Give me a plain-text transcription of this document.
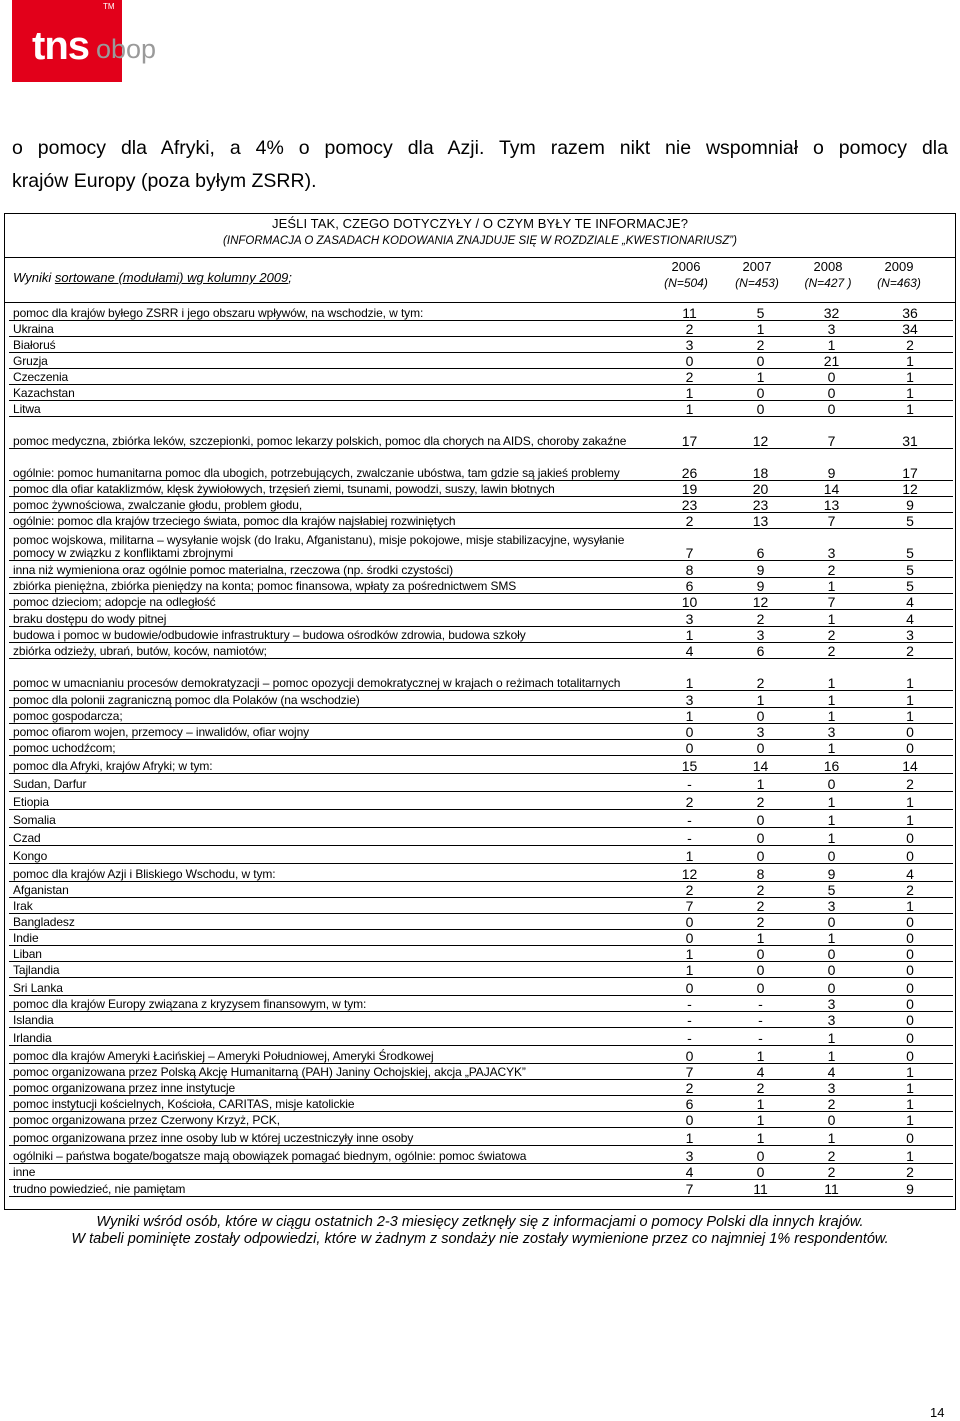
tns
TM
obop
o pomocy dla Afryki, a 4% o pomocy dla Azji. Tym razem nikt nie wspomniał o pomocy dla
krajów Europy (poza byłym ZSRR).
JEŚLI TAK, CZEGO DOTYCZYŁY / O CZYM BYŁY TE INFORMACJE?
(INFORMACJA O ZASADACH KODOWANIA ZNAJDUJE SIĘ W ROZDZIALE „KWESTIONARIUSZ”)
Wyniki sortowane (modułami) wg kolumny 2009;
2006
(N=504)
2007
(N=453)
2008
(N=427 )
2009
(N=463)
pomoc dla krajów byłego ZSRR i jego obszaru wpływów, na wschodzie, w tym:	11	5	32	36
Ukraina	2	1	3	34
Białoruś	3	2	1	2
Gruzja	0	0	21	1
Czeczenia	2	1	0	1
Kazachstan	1	0	0	1
Litwa	1	0	0	1
pomoc medyczna, zbiórka leków, szczepionki, pomoc lekarzy polskich, pomoc dla chorych na AIDS, choroby zakaźne	17	12	7	31
ogólnie: pomoc humanitarna pomoc dla ubogich, potrzebujących, zwalczanie ubóstwa, tam gdzie są jakieś problemy	26	18	9	17
pomoc dla ofiar kataklizmów, klęsk żywiołowych, trzęsień ziemi, tsunami, powodzi, suszy, lawin błotnych	19	20	14	12
pomoc żywnościowa, zwalczanie głodu, problem głodu,	23	23	13	9
ogólnie: pomoc dla krajów trzeciego świata, pomoc dla krajów najsłabiej rozwiniętych	2	13	7	5
pomoc wojskowa, militarna – wysyłanie wojsk (do Iraku, Afganistanu), misje pokojowe, misje stabilizacyjne, wysyłanie pomocy w związku z konfliktami zbrojnymi	7	6	3	5
inna niż wymieniona oraz ogólnie pomoc materialna, rzeczowa (np. środki czystości)	8	9	2	5
zbiórka pieniężna, zbiórka pieniędzy na konta; pomoc finansowa, wpłaty za pośrednictwem SMS	6	9	1	5
pomoc dzieciom; adopcje na odległość	10	12	7	4
braku dostępu do wody pitnej	3	2	1	4
budowa i pomoc w budowie/odbudowie infrastruktury – budowa ośrodków zdrowia, budowa szkoły	1	3	2	3
zbiórka odzieży, ubrań, butów, koców, namiotów;	4	6	2	2
pomoc w umacnianiu procesów demokratyzacji – pomoc opozycji demokratycznej w krajach o reżimach totalitarnych	1	2	1	1
pomoc dla polonii zagraniczną pomoc dla Polaków (na wschodzie)	3	1	1	1
pomoc gospodarcza;	1	0	1	1
pomoc ofiarom wojen, przemocy – inwalidów, ofiar wojny	0	3	3	0
pomoc uchodźcom;	0	0	1	0
pomoc dla Afryki, krajów Afryki; w tym:	15	14	16	14
Sudan, Darfur	-	1	0	2
Etiopia	2	2	1	1
Somalia	-	0	1	1
Czad	-	0	1	0
Kongo	1	0	0	0
pomoc dla krajów Azji i Bliskiego Wschodu, w tym:	12	8	9	4
Afganistan	2	2	5	2
Irak	7	2	3	1
Bangladesz	0	2	0	0
Indie	0	1	1	0
Liban	1	0	0	0
Tajlandia	1	0	0	0
Sri Lanka	0	0	0	0
pomoc dla krajów Europy związana z kryzysem finansowym, w tym:	-	-	3	0
Islandia	-	-	3	0
Irlandia	-	-	1	0
pomoc dla krajów Ameryki Łacińskiej – Ameryki Południowej, Ameryki Środkowej	0	1	1	0
pomoc organizowana przez Polską Akcję Humanitarną (PAH) Janiny Ochojskiej, akcja „PAJACYK”	7	4	4	1
pomoc organizowana przez inne instytucje	2	2	3	1
pomoc instytucji kościelnych, Kościoła, CARITAS, misje katolickie	6	1	2	1
pomoc organizowana przez Czerwony Krzyż, PCK,	0	1	0	1
pomoc organizowana przez inne osoby lub w której uczestniczyły inne osoby	1	1	1	0
ogólniki – państwa bogate/bogatsze mają obowiązek pomagać biednym, ogólnie: pomoc światowa	3	0	2	1
inne	4	0	2	2
trudno powiedzieć, nie pamiętam	7	11	11	9
Wyniki wśród osób, które w ciągu ostatnich 2-3 miesięcy zetknęły się z informacjami o pomocy Polski dla innych krajów.
W tabeli pominięte zostały odpowiedzi, które w żadnym z sondaży nie zostały wymienione przez co najmniej 1% respondentów.
14
